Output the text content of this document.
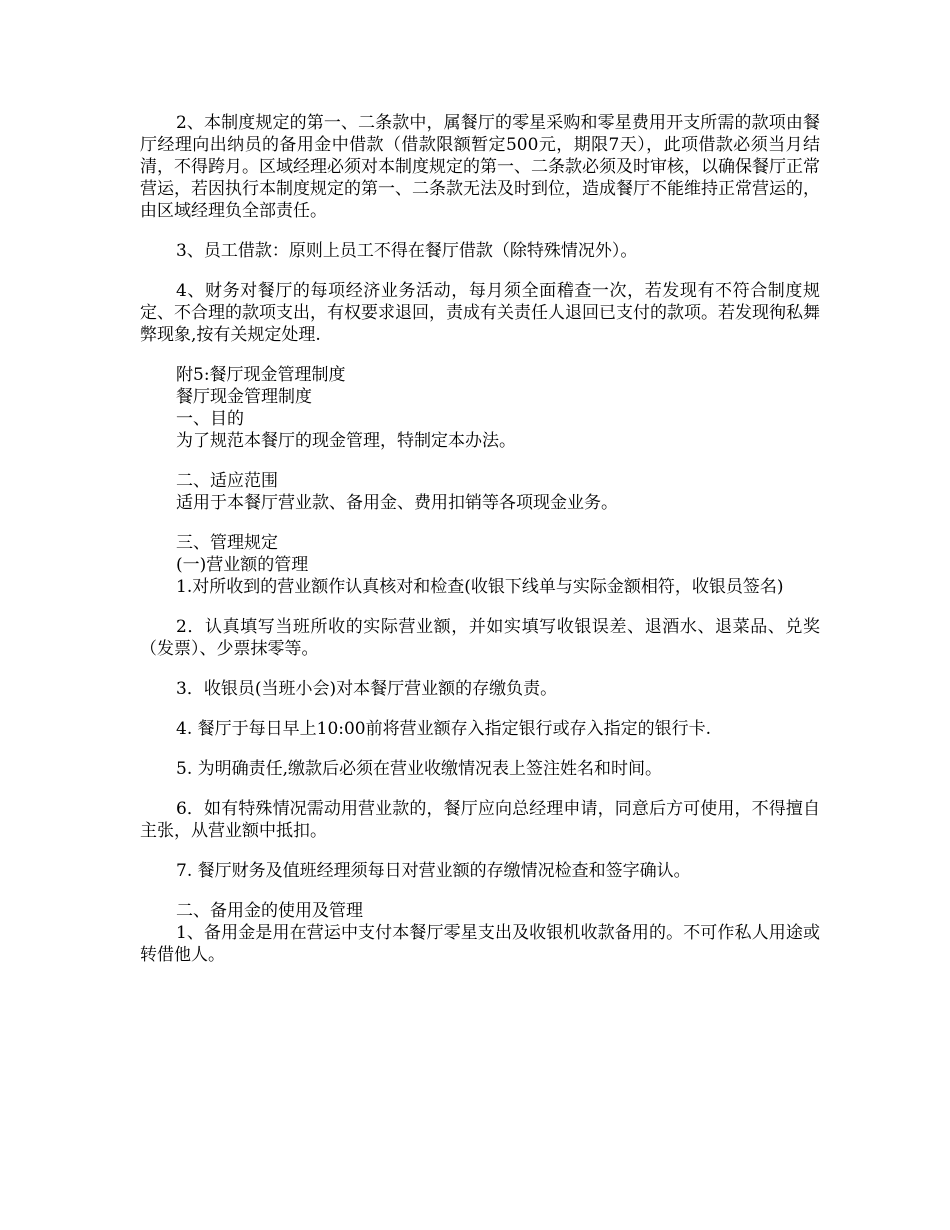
2、本制度规定的第一、二条款中，属餐厅的零星采购和零星费用开支所需的款项由餐厅经理向出纳员的备用金中借款（借款限额暂定500元，期限7天），此项借款必须当月结清，不得跨月。区域经理必须对本制度规定的第一、二条款必须及时审核，以确保餐厅正常营运，若因执行本制度规定的第一、二条款无法及时到位，造成餐厅不能维持正常营运的，由区域经理负全部责任。

3、员工借款：原则上员工不得在餐厅借款（除特殊情况外）。

4、财务对餐厅的每项经济业务活动，每月须全面稽查一次，若发现有不符合制度规定、不合理的款项支出，有权要求退回，责成有关责任人退回已支付的款项。若发现徇私舞弊现象,按有关规定处理.

附5:餐厅现金管理制度

餐厅现金管理制度

一、目的

为了规范本餐厅的现金管理，特制定本办法。

二、适应范围

适用于本餐厅营业款、备用金、费用扣销等各项现金业务。

三、管理规定

(一)营业额的管理

1.对所收到的营业额作认真核对和检查(收银下线单与实际金额相符，收银员签名)

2．认真填写当班所收的实际营业额，并如实填写收银误差、退酒水、退菜品、兑奖（发票）、少票抹零等。

3．收银员(当班小会)对本餐厅营业额的存缴负责。

4. 餐厅于每日早上10:00前将营业额存入指定银行或存入指定的银行卡.

5. 为明确责任,缴款后必须在营业收缴情况表上签注姓名和时间。

6．如有特殊情况需动用营业款的，餐厅应向总经理申请，同意后方可使用，不得擅自主张，从营业额中抵扣。

7. 餐厅财务及值班经理须每日对营业额的存缴情况检查和签字确认。

二、备用金的使用及管理

1、备用金是用在营运中支付本餐厅零星支出及收银机收款备用的。不可作私人用途或转借他人。
